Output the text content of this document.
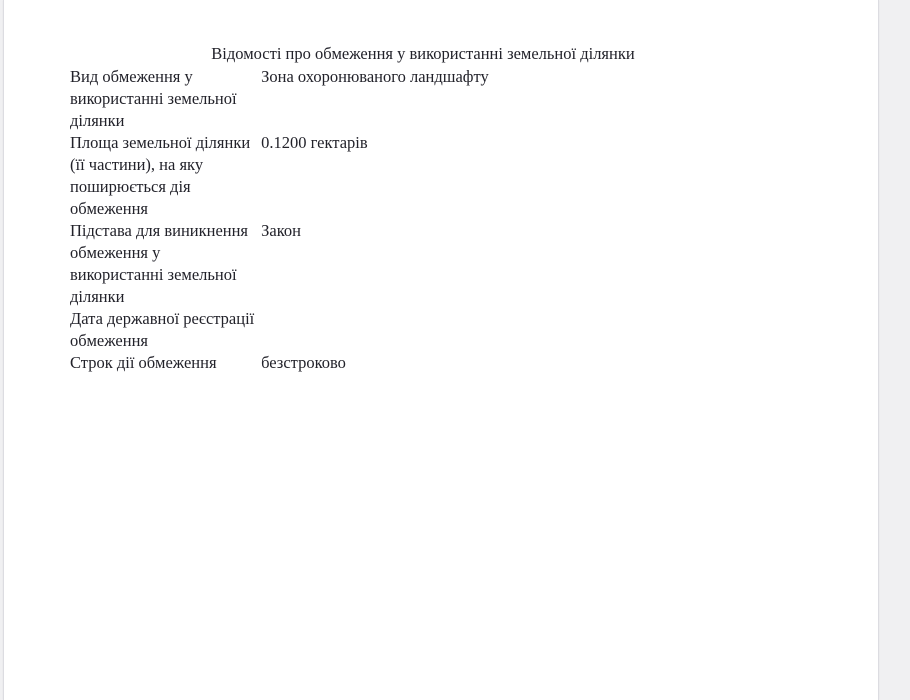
Відомості про обмеження у використанні земельної ділянки
Вид обмеження у використанні земельної ділянки	Зона охоронюваного ландшафту
Площа земельної ділянки (її частини), на яку поширюється дія обмеження	0.1200 гектарів
Підстава для виникнення обмеження у використанні земельної ділянки	Закон
Дата державної реєстрації обмеження	
Строк дії обмеження	безстроково
